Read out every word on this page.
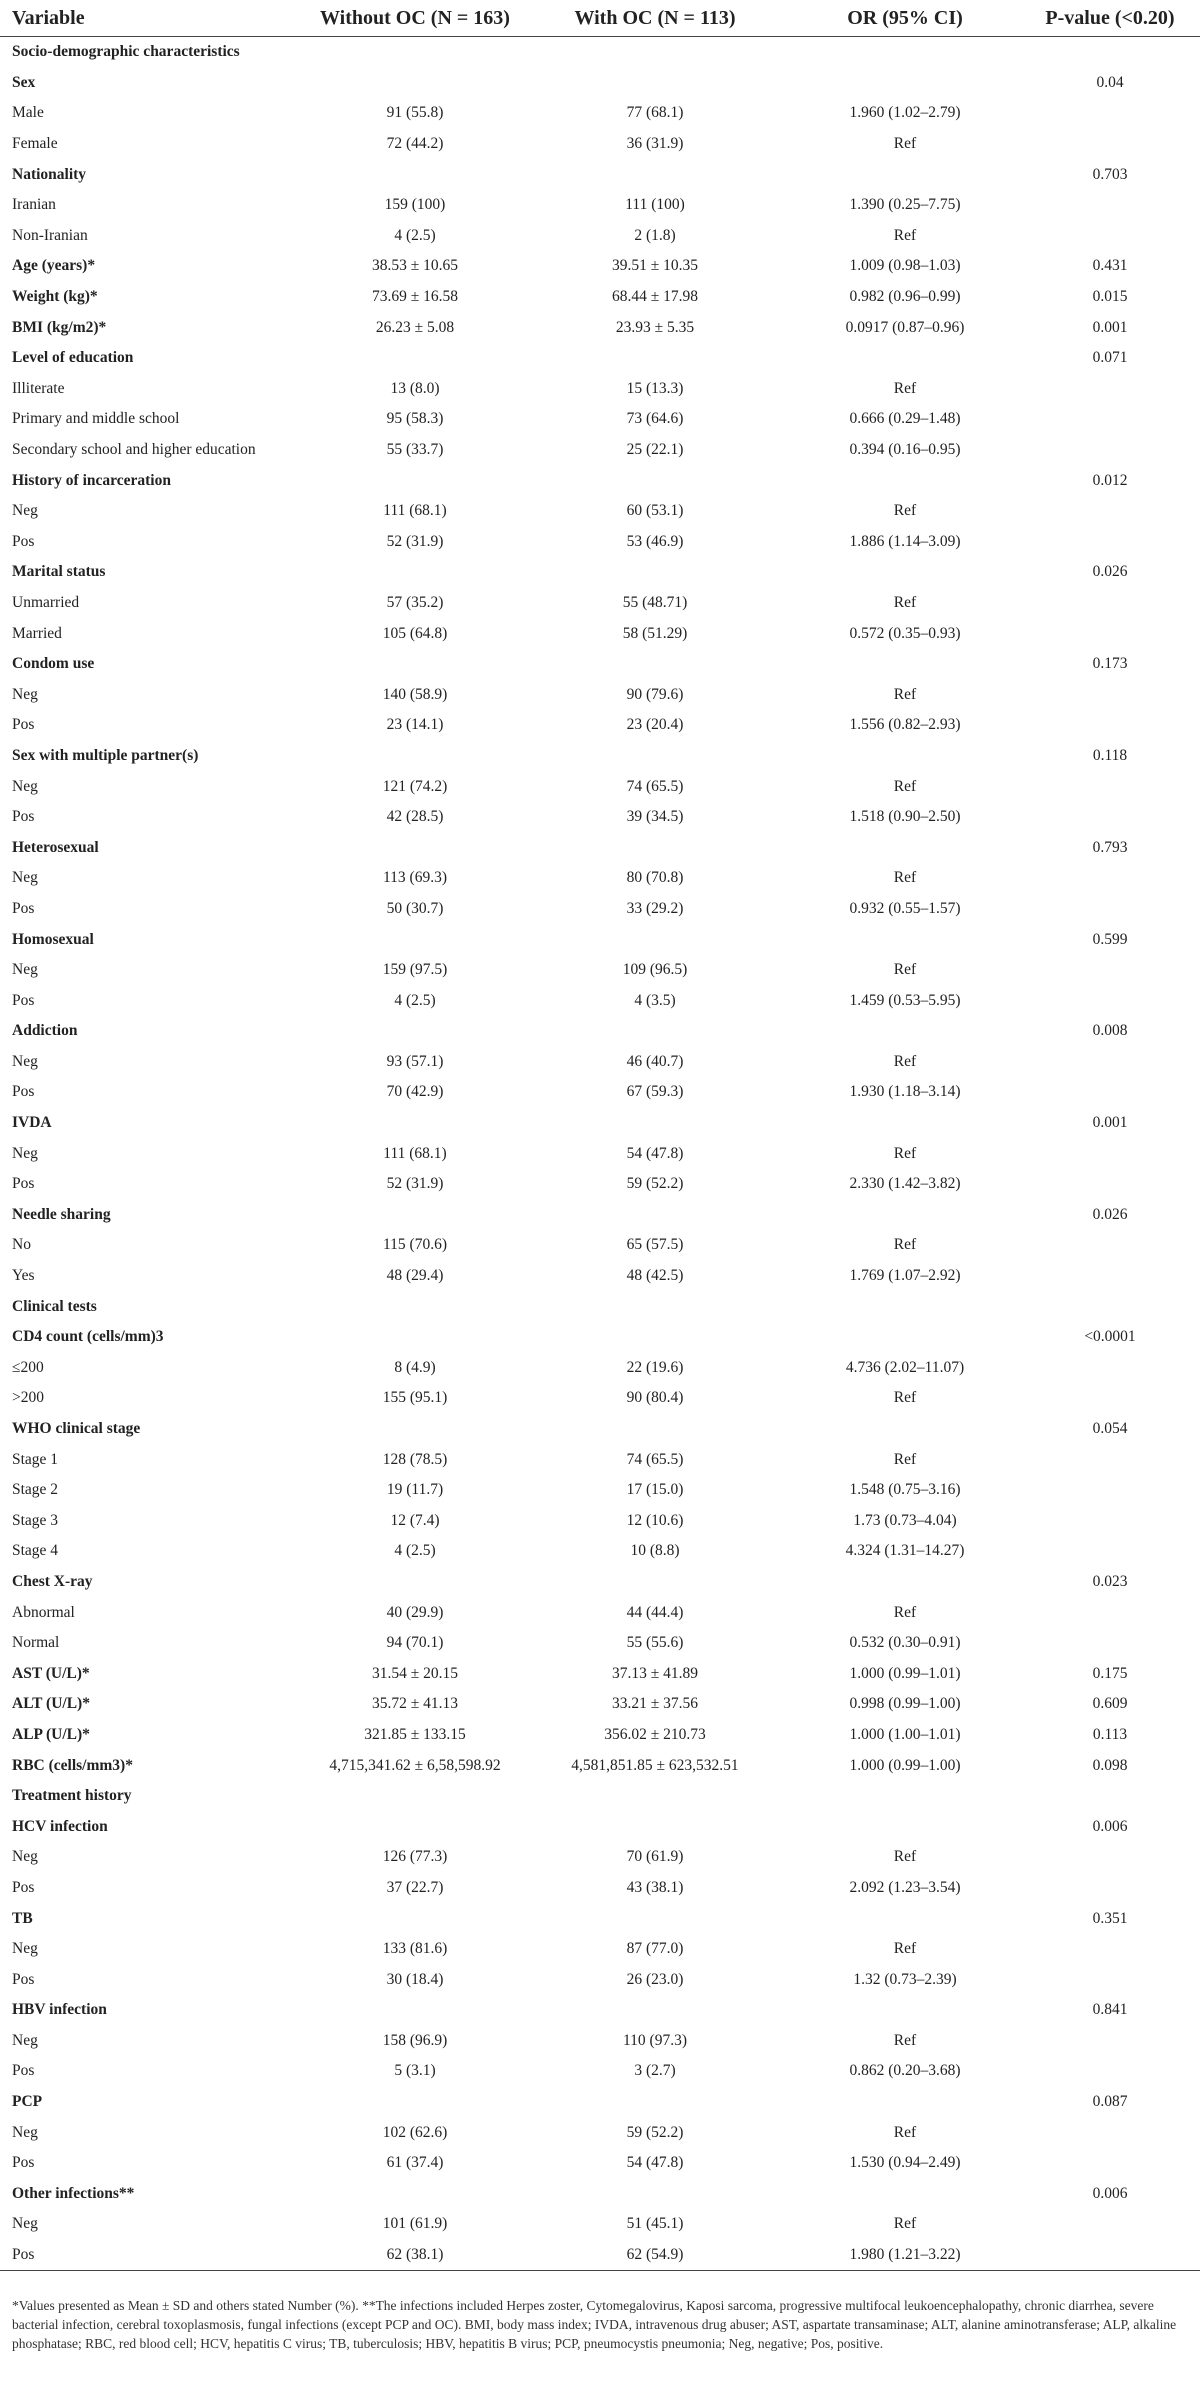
Variable	Without OC (N = 163)	With OC (N = 113)	OR (95% CI)	P-value (<0.20)
Socio-demographic characteristics				
Sex				0.04
Male	91 (55.8)	77 (68.1)	1.960 (1.02–2.79)	
Female	72 (44.2)	36 (31.9)	Ref	
Nationality				0.703
Iranian	159 (100)	111 (100)	1.390 (0.25–7.75)	
Non-Iranian	4 (2.5)	2 (1.8)	Ref	
Age (years)*	38.53 ± 10.65	39.51 ± 10.35	1.009 (0.98–1.03)	0.431
Weight (kg)*	73.69 ± 16.58	68.44 ± 17.98	0.982 (0.96–0.99)	0.015
BMI (kg/m2)*	26.23 ± 5.08	23.93 ± 5.35	0.0917 (0.87–0.96)	0.001
Level of education				0.071
Illiterate	13 (8.0)	15 (13.3)	Ref	
Primary and middle school	95 (58.3)	73 (64.6)	0.666 (0.29–1.48)	
Secondary school and higher education	55 (33.7)	25 (22.1)	0.394 (0.16–0.95)	
History of incarceration				0.012
Neg	111 (68.1)	60 (53.1)	Ref	
Pos	52 (31.9)	53 (46.9)	1.886 (1.14–3.09)	
Marital status				0.026
Unmarried	57 (35.2)	55 (48.71)	Ref	
Married	105 (64.8)	58 (51.29)	0.572 (0.35–0.93)	
Condom use				0.173
Neg	140 (58.9)	90 (79.6)	Ref	
Pos	23 (14.1)	23 (20.4)	1.556 (0.82–2.93)	
Sex with multiple partner(s)				0.118
Neg	121 (74.2)	74 (65.5)	Ref	
Pos	42 (28.5)	39 (34.5)	1.518 (0.90–2.50)	
Heterosexual				0.793
Neg	113 (69.3)	80 (70.8)	Ref	
Pos	50 (30.7)	33 (29.2)	0.932 (0.55–1.57)	
Homosexual				0.599
Neg	159 (97.5)	109 (96.5)	Ref	
Pos	4 (2.5)	4 (3.5)	1.459 (0.53–5.95)	
Addiction				0.008
Neg	93 (57.1)	46 (40.7)	Ref	
Pos	70 (42.9)	67 (59.3)	1.930 (1.18–3.14)	
IVDA				0.001
Neg	111 (68.1)	54 (47.8)	Ref	
Pos	52 (31.9)	59 (52.2)	2.330 (1.42–3.82)	
Needle sharing				0.026
No	115 (70.6)	65 (57.5)	Ref	
Yes	48 (29.4)	48 (42.5)	1.769 (1.07–2.92)	
Clinical tests				
CD4 count (cells/mm)3				<0.0001
≤200	8 (4.9)	22 (19.6)	4.736 (2.02–11.07)	
>200	155 (95.1)	90 (80.4)	Ref	
WHO clinical stage				0.054
Stage 1	128 (78.5)	74 (65.5)	Ref	
Stage 2	19 (11.7)	17 (15.0)	1.548 (0.75–3.16)	
Stage 3	12 (7.4)	12 (10.6)	1.73 (0.73–4.04)	
Stage 4	4 (2.5)	10 (8.8)	4.324 (1.31–14.27)	
Chest X-ray				0.023
Abnormal	40 (29.9)	44 (44.4)	Ref	
Normal	94 (70.1)	55 (55.6)	0.532 (0.30–0.91)	
AST (U/L)*	31.54 ± 20.15	37.13 ± 41.89	1.000 (0.99–1.01)	0.175
ALT (U/L)*	35.72 ± 41.13	33.21 ± 37.56	0.998 (0.99–1.00)	0.609
ALP (U/L)*	321.85 ± 133.15	356.02 ± 210.73	1.000 (1.00–1.01)	0.113
RBC (cells/mm3)*	4,715,341.62 ± 6,58,598.92	4,581,851.85 ± 623,532.51	1.000 (0.99–1.00)	0.098
Treatment history				
HCV infection				0.006
Neg	126 (77.3)	70 (61.9)	Ref	
Pos	37 (22.7)	43 (38.1)	2.092 (1.23–3.54)	
TB				0.351
Neg	133 (81.6)	87 (77.0)	Ref	
Pos	30 (18.4)	26 (23.0)	1.32 (0.73–2.39)	
HBV infection				0.841
Neg	158 (96.9)	110 (97.3)	Ref	
Pos	5 (3.1)	3 (2.7)	0.862 (0.20–3.68)	
PCP				0.087
Neg	102 (62.6)	59 (52.2)	Ref	
Pos	61 (37.4)	54 (47.8)	1.530 (0.94–2.49)	
Other infections**				0.006
Neg	101 (61.9)	51 (45.1)	Ref	
Pos	62 (38.1)	62 (54.9)	1.980 (1.21–3.22)	
*Values presented as Mean ± SD and others stated Number (%). **The infections included Herpes zoster, Cytomegalovirus, Kaposi sarcoma, progressive multifocal leukoencephalopathy, chronic diarrhea, severe bacterial infection, cerebral toxoplasmosis, fungal infections (except PCP and OC). BMI, body mass index; IVDA, intravenous drug abuser; AST, aspartate transaminase; ALT, alanine aminotransferase; ALP, alkaline phosphatase; RBC, red blood cell; HCV, hepatitis C virus; TB, tuberculosis; HBV, hepatitis B virus; PCP, pneumocystis pneumonia; Neg, negative; Pos, positive.
